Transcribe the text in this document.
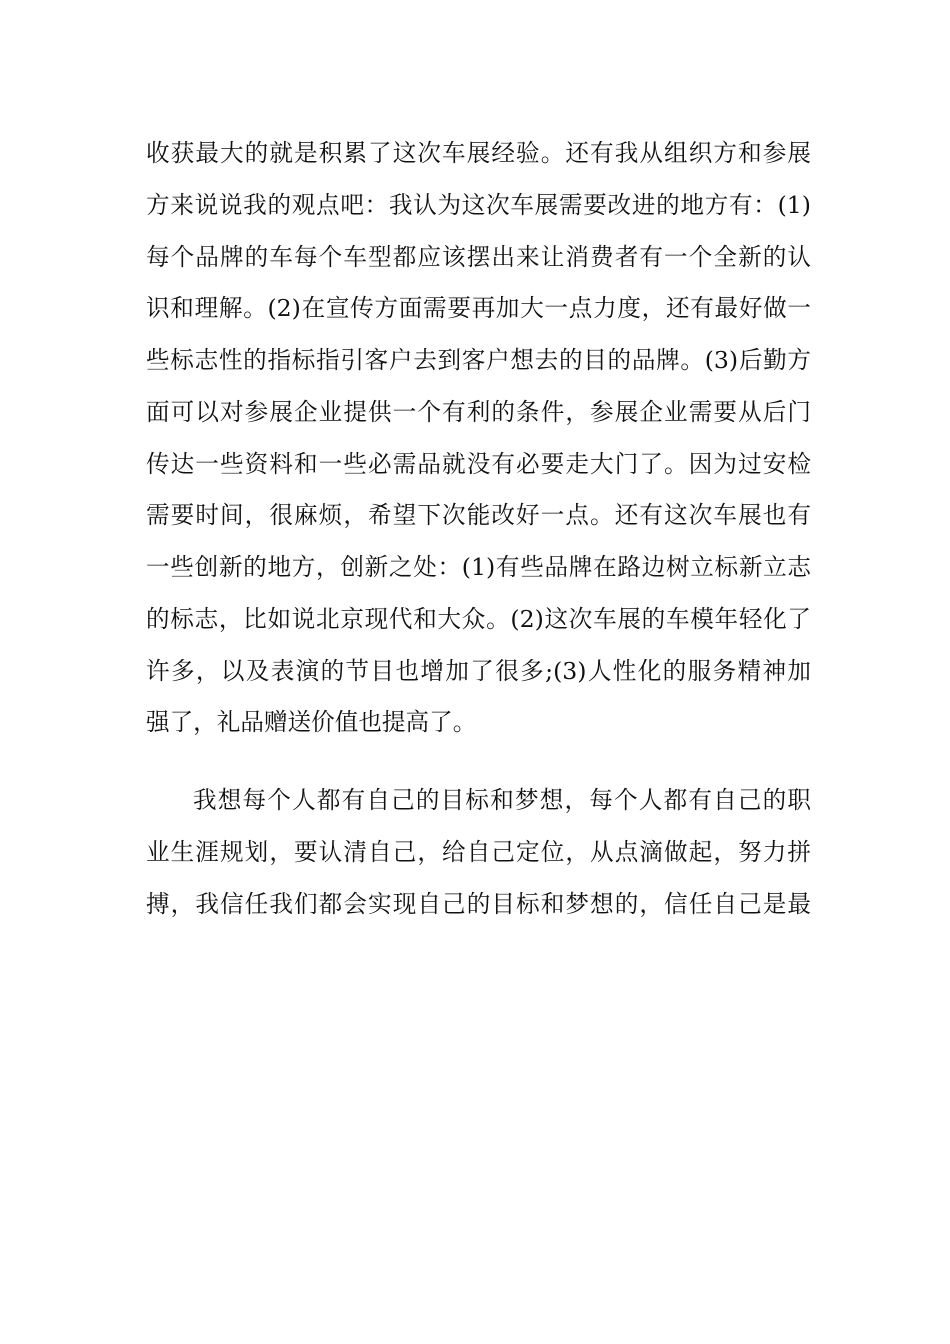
收获最大的就是积累了这次车展经验。还有我从组织方和参展
方来说说我的观点吧：我认为这次车展需要改进的地方有：(1)
每个品牌的车每个车型都应该摆出来让消费者有一个全新的认
识和理解。(2)在宣传方面需要再加大一点力度，还有最好做一
些标志性的指标指引客户去到客户想去的目的品牌。(3)后勤方
面可以对参展企业提供一个有利的条件，参展企业需要从后门
传达一些资料和一些必需品就没有必要走大门了。因为过安检
需要时间，很麻烦，希望下次能改好一点。还有这次车展也有
一些创新的地方，创新之处：(1)有些品牌在路边树立标新立志
的标志，比如说北京现代和大众。(2)这次车展的车模年轻化了
许多，以及表演的节目也增加了很多;(3)人性化的服务精神加
强了，礼品赠送价值也提高了。
我想每个人都有自己的目标和梦想，每个人都有自己的职
业生涯规划，要认清自己，给自己定位，从点滴做起，努力拼
搏，我信任我们都会实现自己的目标和梦想的，信任自己是最
